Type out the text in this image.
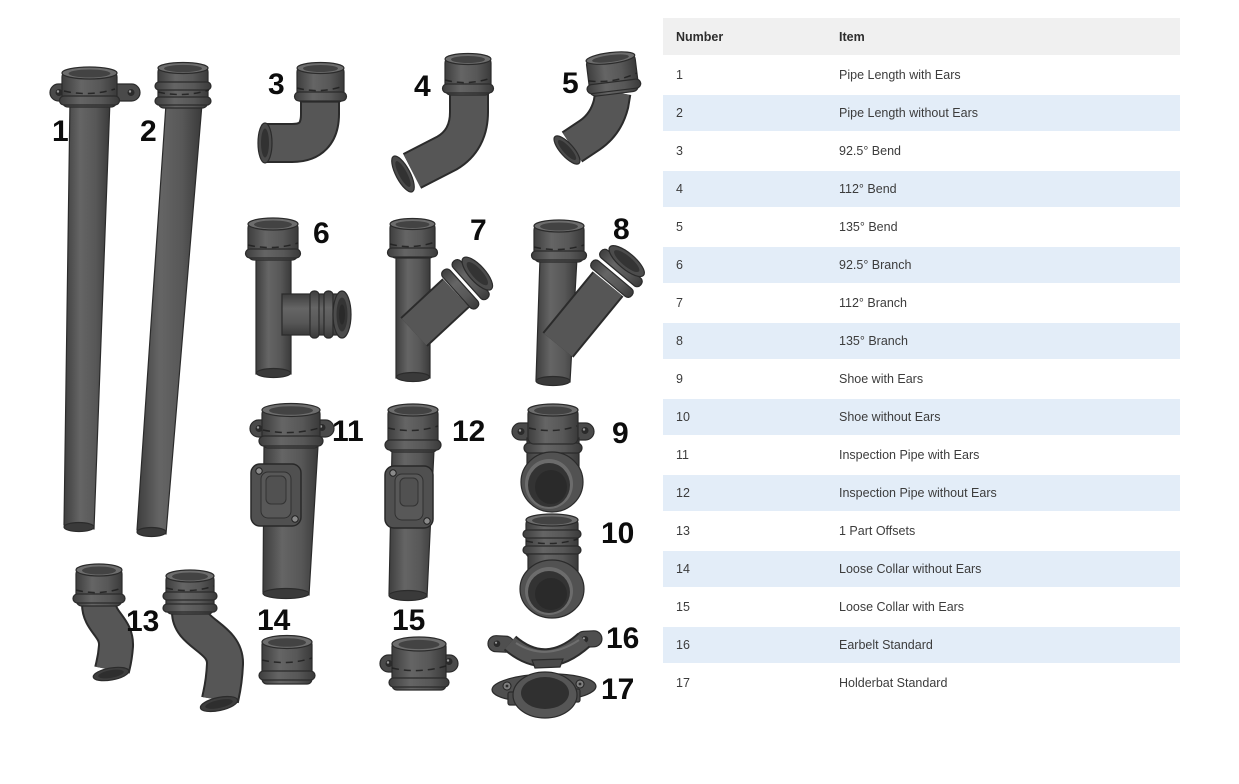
1 2
3	4	5
6	7	8
9
10
11	12
13	14	15
16
17
Number	Item
1	Pipe Length with Ears
2	Pipe Length without Ears
3	92.5° Bend
4	112° Bend
5	135° Bend
6	92.5° Branch
7	112° Branch
8	135° Branch
9	Shoe with Ears
10	Shoe without Ears
11	Inspection Pipe with Ears
12	Inspection Pipe without Ears
13	1 Part Offsets
14	Loose Collar without Ears
15	Loose Collar with Ears
16	Earbelt Standard
17	Holderbat Standard
